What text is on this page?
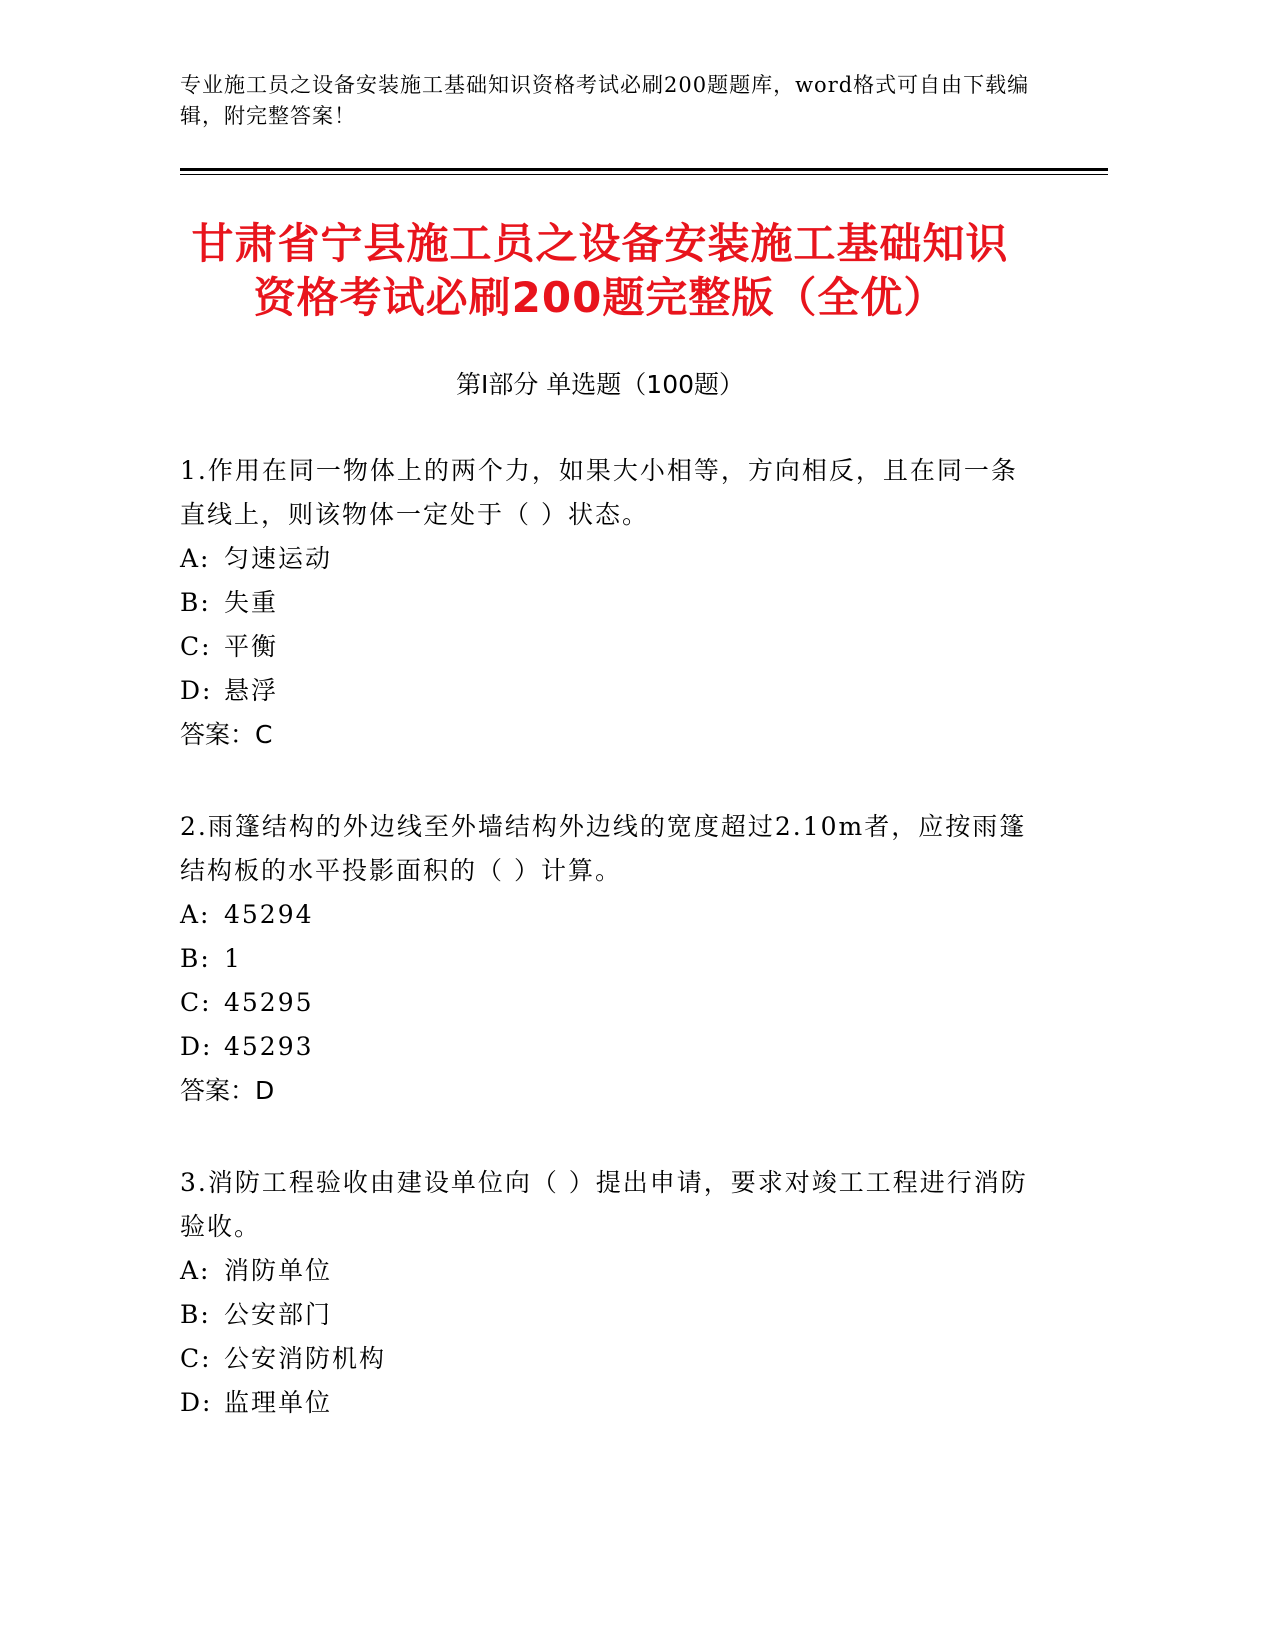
专业施工员之设备安装施工基础知识资格考试必刷200题题库，word格式可自由下载编辑，附完整答案！
甘肃省宁县施工员之设备安装施工基础知识资格考试必刷200题完整版（全优）
第I部分 单选题（100题）
1.作用在同一物体上的两个力，如果大小相等，方向相反，且在同一条直线上，则该物体一定处于（ ）状态。
A: 匀速运动
B: 失重
C: 平衡
D: 悬浮
答案：C
2.雨篷结构的外边线至外墙结构外边线的宽度超过2.10m者，应按雨篷结构板的水平投影面积的（ ）计算。
A: 45294
B: 1
C: 45295
D: 45293
答案：D
3.消防工程验收由建设单位向（ ）提出申请，要求对竣工工程进行消防验收。
A: 消防单位
B: 公安部门
C: 公安消防机构
D: 监理单位
